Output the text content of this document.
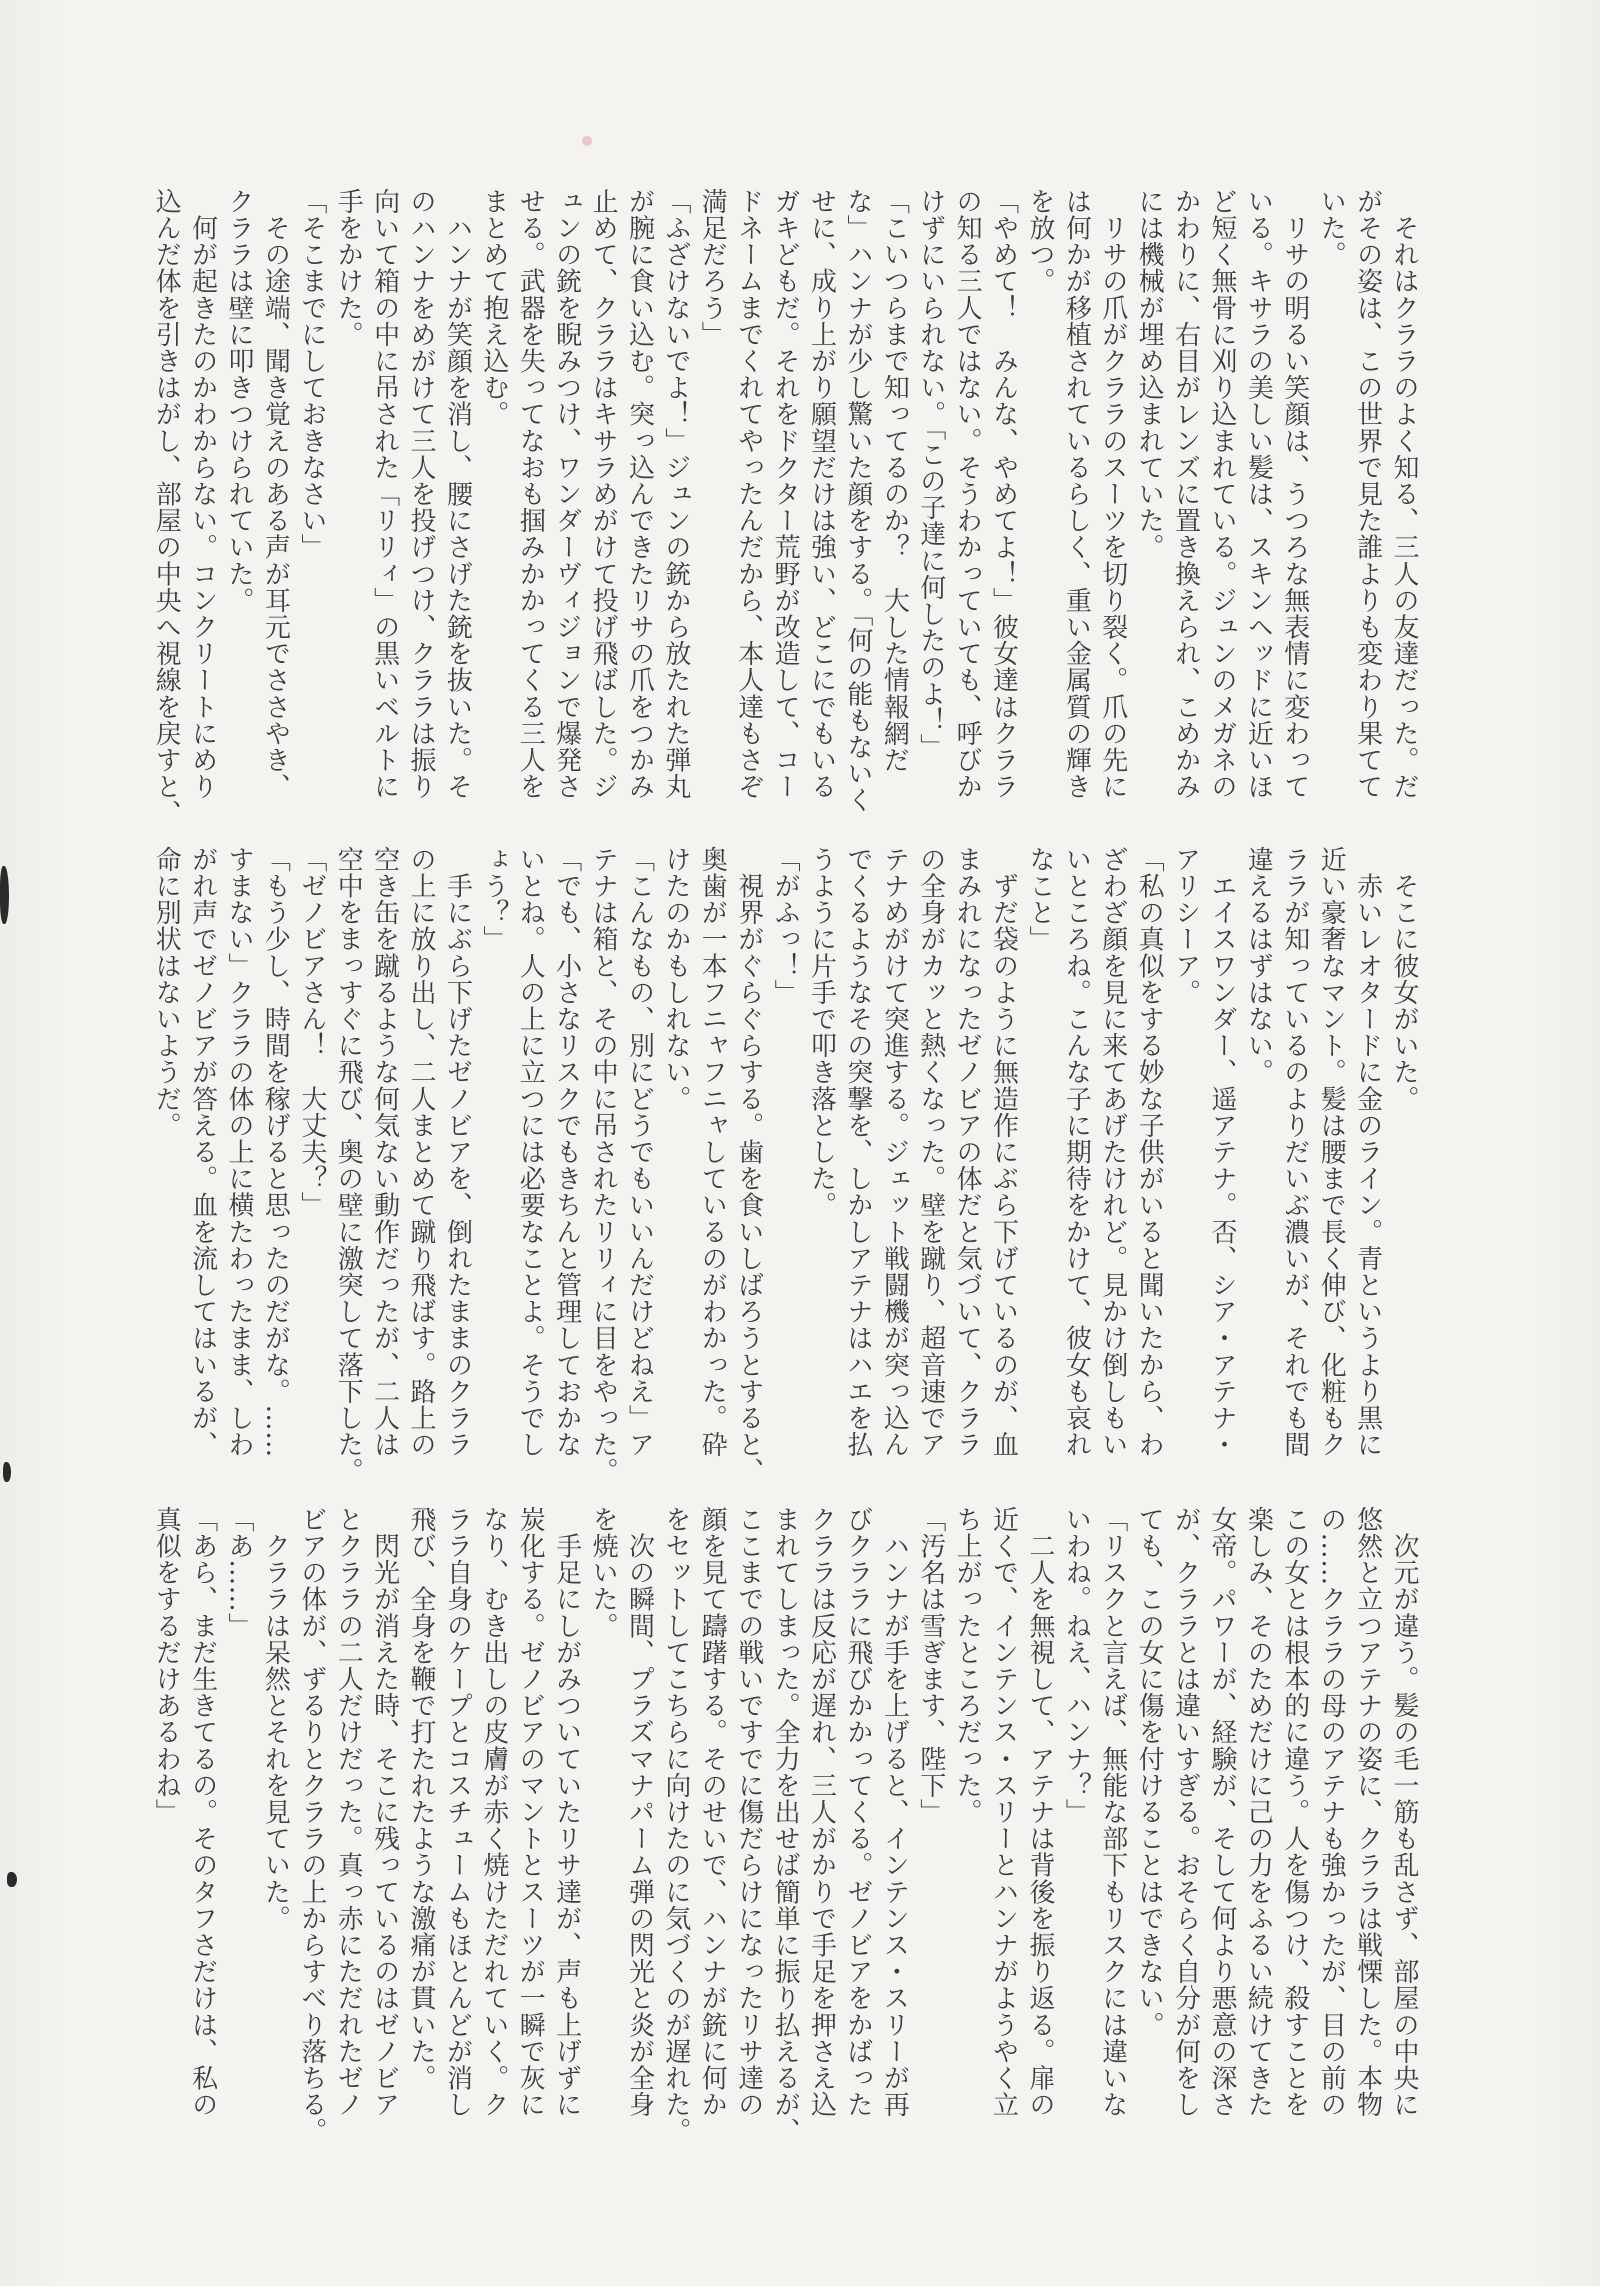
　それはクララのよく知る、三人の友達だった。だ
がその姿は、この世界で見た誰よりも変わり果てて
いた。
　リサの明るい笑顔は、うつろな無表情に変わって
いる。キサラの美しい髪は、スキンヘッドに近いほ
ど短く無骨に刈り込まれている。ジュンのメガネの
かわりに、右目がレンズに置き換えられ、こめかみ
には機械が埋め込まれていた。
　リサの爪がクララのスーツを切り裂く。爪の先に
は何かが移植されているらしく、重い金属質の輝き
を放つ。
「やめて！　みんな、やめてよ！」彼女達はクララ
の知る三人ではない。そうわかっていても、呼びか
けずにいられない。「この子達に何したのよ！」
「こいつらまで知ってるのか？　大した情報網だ
な」ハンナが少し驚いた顔をする。「何の能もないく
せに、成り上がり願望だけは強い、どこにでもいる
ガキどもだ。それをドクター荒野が改造して、コー
ドネームまでくれてやったんだから、本人達もさぞ
満足だろう」
「ふざけないでよ！」ジュンの銃から放たれた弾丸
が腕に食い込む。突っ込んできたリサの爪をつかみ
止めて、クララはキサラめがけて投げ飛ばした。ジ
ュンの銃を睨みつけ、ワンダーヴィジョンで爆発さ
せる。武器を失ってなおも掴みかかってくる三人を
まとめて抱え込む。
　ハンナが笑顔を消し、腰にさげた銃を抜いた。そ
のハンナをめがけて三人を投げつけ、クララは振り
向いて箱の中に吊された「リリィ」の黒いベルトに
手をかけた。
「そこまでにしておきなさい」
　その途端、聞き覚えのある声が耳元でささやき、
クララは壁に叩きつけられていた。
　何が起きたのかわからない。コンクリートにめり
込んだ体を引きはがし、部屋の中央へ視線を戻すと、
　そこに彼女がいた。
　赤いレオタードに金のライン。青というより黒に
近い豪奢なマント。髪は腰まで長く伸び、化粧もク
ララが知っているのよりだいぶ濃いが、それでも間
違えるはずはない。
　エイスワンダー、遥アテナ。否、シア・アテナ・
アリシーア。
「私の真似をする妙な子供がいると聞いたから、わ
ざわざ顔を見に来てあげたけれど。見かけ倒しもい
いところね。こんな子に期待をかけて、彼女も哀れ
なこと」
　ずだ袋のように無造作にぶら下げているのが、血
まみれになったゼノビアの体だと気づいて、クララ
の全身がカッと熱くなった。壁を蹴り、超音速でア
テナめがけて突進する。ジェット戦闘機が突っ込ん
でくるようなその突撃を、しかしアテナはハエを払
うように片手で叩き落とした。
「がふっ！」
　視界がぐらぐらする。歯を食いしばろうとすると、
奥歯が一本フニャフニャしているのがわかった。砕
けたのかもしれない。
「こんなもの、別にどうでもいいんだけどねえ」ア
テナは箱と、その中に吊されたリリィに目をやった。
「でも、小さなリスクでもきちんと管理しておかな
いとね。人の上に立つには必要なことよ。そうでし
ょう？」
　手にぶら下げたゼノビアを、倒れたままのクララ
の上に放り出し、二人まとめて蹴り飛ばす。路上の
空き缶を蹴るような何気ない動作だったが、二人は
空中をまっすぐに飛び、奥の壁に激突して落下した。
「ゼノビアさん！　大丈夫？」
「もう少し、時間を稼げると思ったのだがな。……
すまない」クララの体の上に横たわったまま、しわ
がれ声でゼノビアが答える。血を流してはいるが、
命に別状はないようだ。
　次元が違う。髪の毛一筋も乱さず、部屋の中央に
悠然と立つアテナの姿に、クララは戦慄した。本物
の……クララの母のアテナも強かったが、目の前の
この女とは根本的に違う。人を傷つけ、殺すことを
楽しみ、そのためだけに己の力をふるい続けてきた
女帝。パワーが、経験が、そして何より悪意の深さ
が、クララとは違いすぎる。おそらく自分が何をし
ても、この女に傷を付けることはできない。
「リスクと言えば、無能な部下もリスクには違いな
いわね。ねえ、ハンナ？」
　二人を無視して、アテナは背後を振り返る。扉の
近くで、インテンス・スリーとハンナがようやく立
ち上がったところだった。
「汚名は雪ぎます、陛下」
　ハンナが手を上げると、インテンス・スリーが再
びクララに飛びかかってくる。ゼノビアをかばった
クララは反応が遅れ、三人がかりで手足を押さえ込
まれてしまった。全力を出せば簡単に振り払えるが、
ここまでの戦いですでに傷だらけになったリサ達の
顔を見て躊躇する。そのせいで、ハンナが銃に何か
をセットしてこちらに向けたのに気づくのが遅れた。
　次の瞬間、プラズマナパーム弾の閃光と炎が全身
を焼いた。
　手足にしがみついていたリサ達が、声も上げずに
炭化する。ゼノビアのマントとスーツが一瞬で灰に
なり、むき出しの皮膚が赤く焼けただれていく。ク
ララ自身のケープとコスチュームもほとんどが消し
飛び、全身を鞭で打たれたような激痛が貫いた。
　閃光が消えた時、そこに残っているのはゼノビア
とクララの二人だけだった。真っ赤にただれたゼノ
ビアの体が、ずるりとクララの上からすべり落ちる。
　クララは呆然とそれを見ていた。
「あ……」
「あら、まだ生きてるの。そのタフさだけは、私の
真似をするだけあるわね」
